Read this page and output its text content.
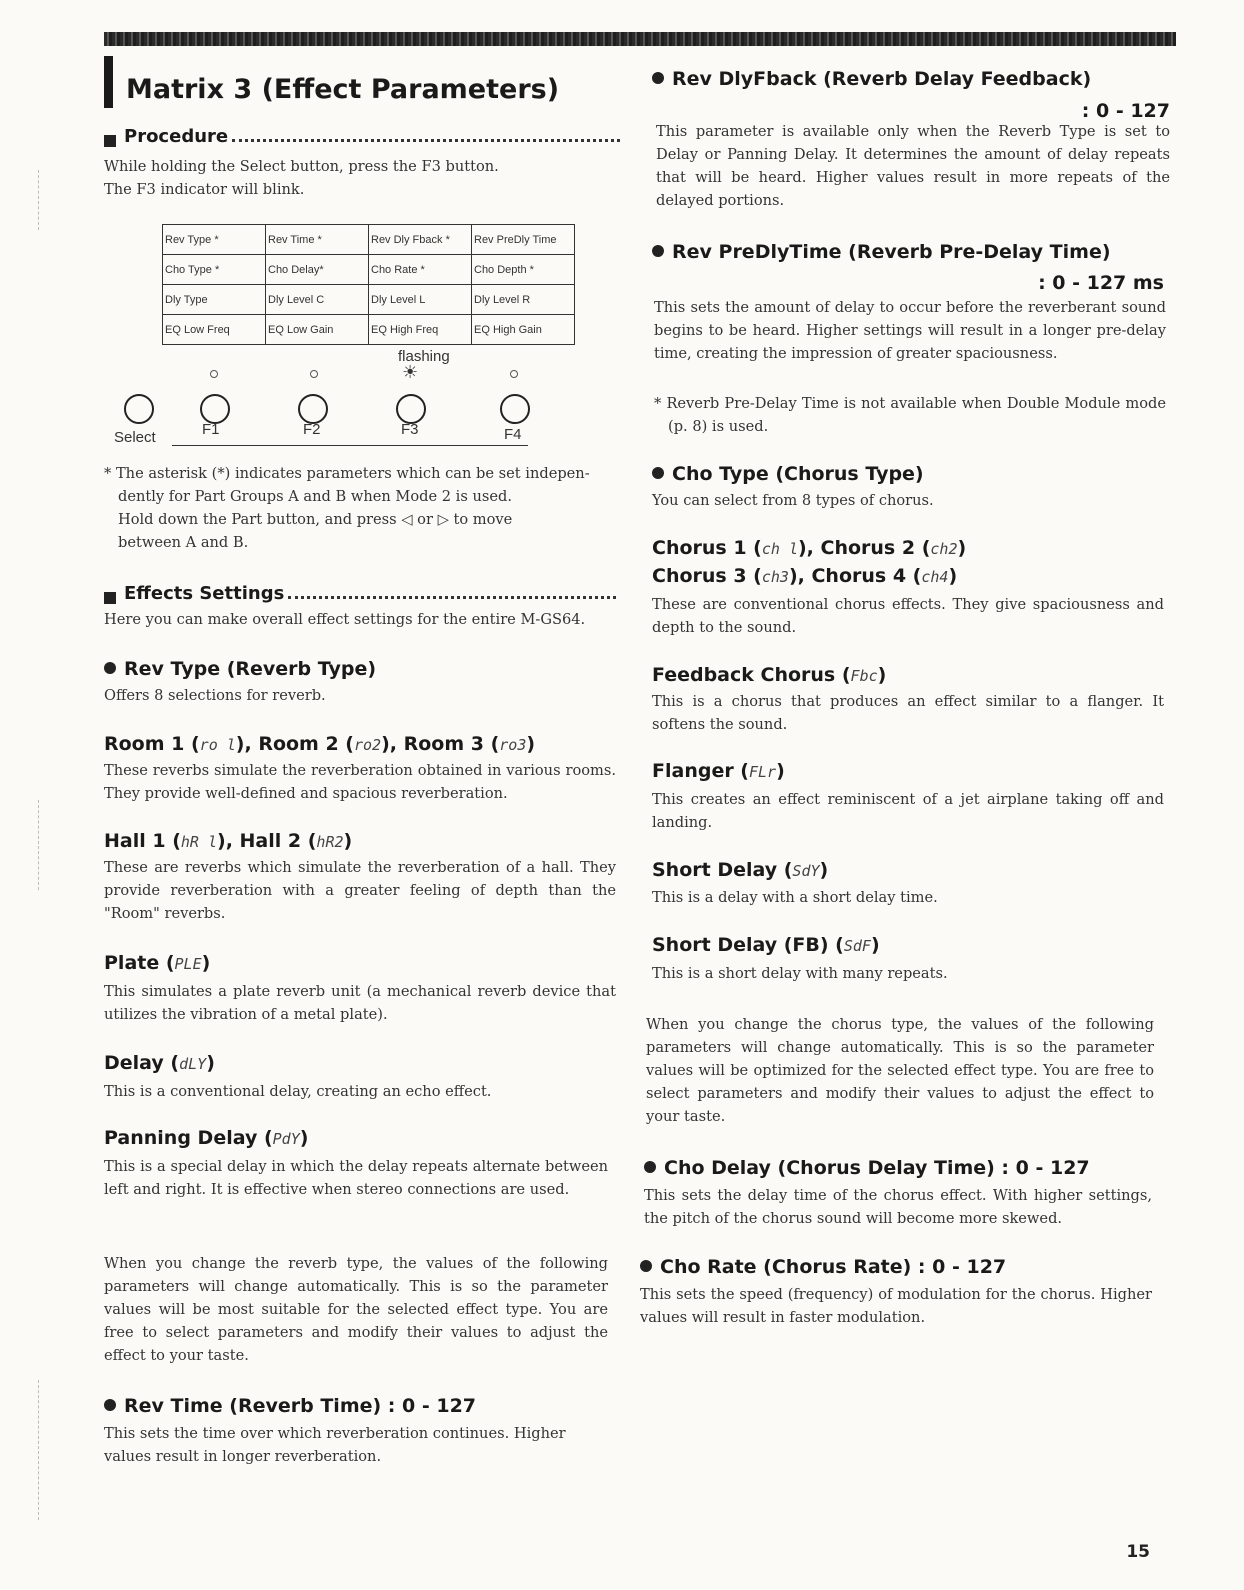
Matrix 3 (Effect Parameters)
Procedure
While holding the Select button, press the F3 button.
The F3 indicator will blink.
Rev Type *	Rev Time *	Rev Dly Fback *	Rev PreDly Time
Cho Type *	Cho Delay*	Cho Rate *	Cho Depth *
Dly Type	Dly Level C	Dly Level L	Dly Level R
EQ Low Freq	EQ Low Gain	EQ High Freq	EQ High Gain
flashing
☀
Select	F1	F2	F3	F4
* The asterisk (*) indicates parameters which can be set indepen-
dently for Part Groups A and B when Mode 2 is used.
Hold down the Part button, and press ◁ or ▷ to move
between A and B.
Effects Settings
Here you can make overall effect settings for the entire M-GS64.
Rev Type (Reverb Type)
Offers 8 selections for reverb.
Room 1 (ro l), Room 2 (ro2), Room 3 (ro3)
These reverbs simulate the reverberation obtained in various rooms. They provide well-defined and spacious reverberation.
Hall 1 (hR l), Hall 2 (hR2)
These are reverbs which simulate the reverberation of a hall. They provide reverberation with a greater feeling of depth than the "Room" reverbs.
Plate (PLE)
This simulates a plate reverb unit (a mechanical reverb device that utilizes the vibration of a metal plate).
Delay (dLY)
This is a conventional delay, creating an echo effect.
Panning Delay (PdY)
This is a special delay in which the delay repeats alternate between left and right. It is effective when stereo connections are used.
When you change the reverb type, the values of the following parameters will change automatically. This is so the parameter values will be most suitable for the selected effect type. You are free to select parameters and modify their values to adjust the effect to your taste.
Rev Time (Reverb Time) : 0 - 127
This sets the time over which reverberation continues. Higher values result in longer reverberation.
Rev DlyFback (Reverb Delay Feedback)
: 0 - 127
This parameter is available only when the Reverb Type is set to Delay or Panning Delay. It determines the amount of delay repeats that will be heard. Higher values result in more repeats of the delayed portions.
Rev PreDlyTime (Reverb Pre-Delay Time)
: 0 - 127 ms
This sets the amount of delay to occur before the reverberant sound begins to be heard. Higher settings will result in a longer pre-delay time, creating the impression of greater spaciousness.
* Reverb Pre-Delay Time is not available when Double Module mode (p. 8) is used.
Cho Type (Chorus Type)
You can select from 8 types of chorus.
Chorus 1 (ch l), Chorus 2 (ch2)
Chorus 3 (ch3), Chorus 4 (ch4)
These are conventional chorus effects. They give spaciousness and depth to the sound.
Feedback Chorus (Fbc)
This is a chorus that produces an effect similar to a flanger. It softens the sound.
Flanger (FLr)
This creates an effect reminiscent of a jet airplane taking off and landing.
Short Delay (SdY)
This is a delay with a short delay time.
Short Delay (FB) (SdF)
This is a short delay with many repeats.
When you change the chorus type, the values of the following parameters will change automatically. This is so the parameter values will be optimized for the selected effect type. You are free to select parameters and modify their values to adjust the effect to your taste.
Cho Delay (Chorus Delay Time) : 0 - 127
This sets the delay time of the chorus effect. With higher settings, the pitch of the chorus sound will become more skewed.
Cho Rate (Chorus Rate) : 0 - 127
This sets the speed (frequency) of modulation for the chorus. Higher values will result in faster modulation.
15
